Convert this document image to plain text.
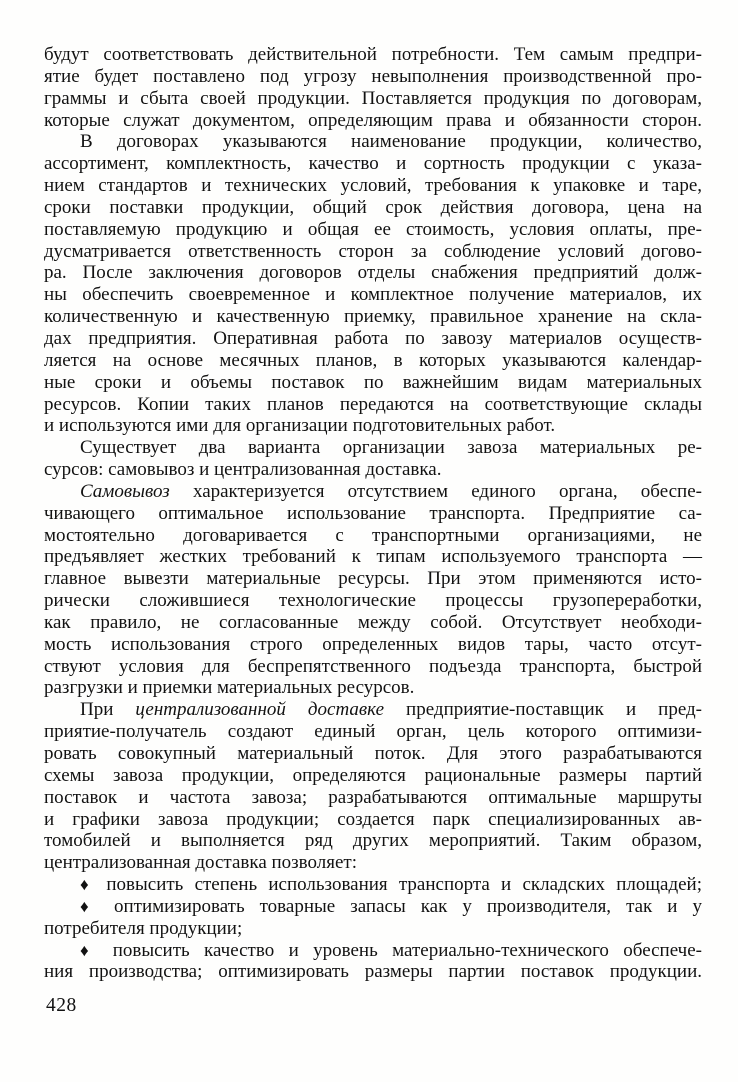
будут соответствовать действительной потребности. Тем самым предпри-
ятие будет поставлено под угрозу невыполнения производственной про-
граммы и сбыта своей продукции. Поставляется продукция по договорам,
которые служат документом, определяющим права и обязанности сторон.
В договорах указываются наименование продукции, количество,
ассортимент, комплектность, качество и сортность продукции с указа-
нием стандартов и технических условий, требования к упаковке и таре,
сроки поставки продукции, общий срок действия договора, цена на
поставляемую продукцию и общая ее стоимость, условия оплаты, пре-
дусматривается ответственность сторон за соблюдение условий догово-
ра. После заключения договоров отделы снабжения предприятий долж-
ны обеспечить своевременное и комплектное получение материалов, их
количественную и качественную приемку, правильное хранение на скла-
дах предприятия. Оперативная работа по завозу материалов осуществ-
ляется на основе месячных планов, в которых указываются календар-
ные сроки и объемы поставок по важнейшим видам материальных
ресурсов. Копии таких планов передаются на соответствующие склады
и используются ими для организации подготовительных работ.
Существует два варианта организации завоза материальных ре-
сурсов: самовывоз и централизованная доставка.
Самовывоз характеризуется отсутствием единого органа, обеспе-
чивающего оптимальное использование транспорта. Предприятие са-
мостоятельно договаривается с транспортными организациями, не
предъявляет жестких требований к типам используемого транспорта —
главное вывезти материальные ресурсы. При этом применяются исто-
рически сложившиеся технологические процессы грузопереработки,
как правило, не согласованные между собой. Отсутствует необходи-
мость использования строго определенных видов тары, часто отсут-
ствуют условия для беспрепятственного подъезда транспорта, быстрой
разгрузки и приемки материальных ресурсов.
При централизованной доставке предприятие-поставщик и пред-
приятие-получатель создают единый орган, цель которого оптимизи-
ровать совокупный материальный поток. Для этого разрабатываются
схемы завоза продукции, определяются рациональные размеры партий
поставок и частота завоза; разрабатываются оптимальные маршруты
и графики завоза продукции; создается парк специализированных ав-
томобилей и выполняется ряд других мероприятий. Таким образом,
централизованная доставка позволяет:
♦ повысить степень использования транспорта и складских площадей;
♦ оптимизировать товарные запасы как у производителя, так и у
потребителя продукции;
♦ повысить качество и уровень материально-технического обеспече-
ния производства; оптимизировать размеры партии поставок продукции.
428
